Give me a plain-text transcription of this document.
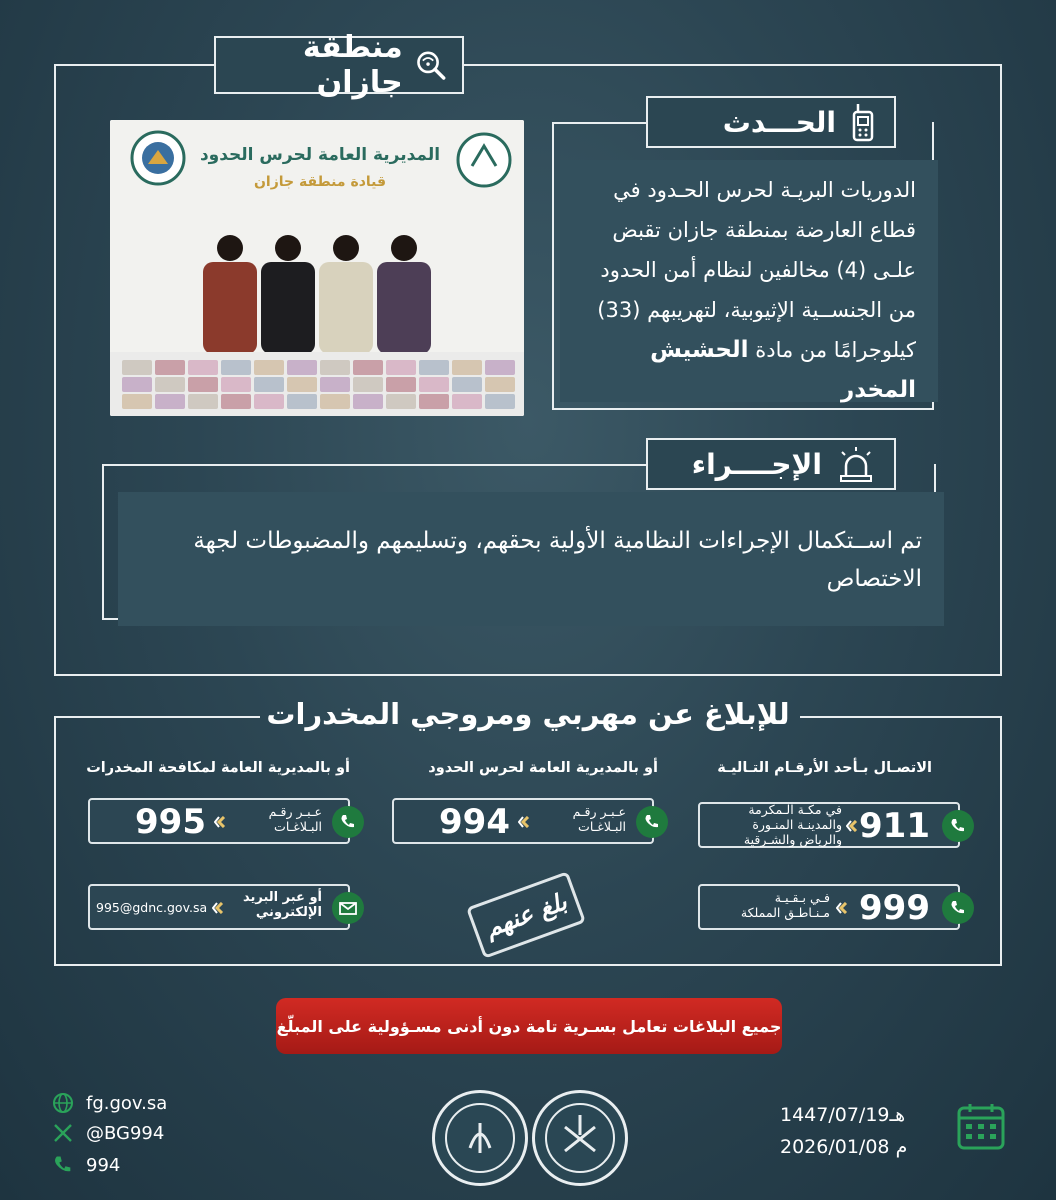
منطقة جازان
الحـــدث
الدوريات البريـة لحرس الحـدود في
قطاع العارضة بمنطقة جازان تقبض
علـى (4) مخالفين لنظام أمن الحدود
من الجنســية الإثيوبية، لتهريبهم (33)
كيلوجرامًا من مادة الحشيش المخدر
المديرية العامة لحرس الحدود
قيادة منطقة جازان
الإجــــراء
تم اســتكمال الإجراءات النظامية الأولية بحقهم، وتسليمهم والمضبوطات لجهة الاختصاص
للإبلاغ عن مهربي ومروجي المخدرات
الاتصـال بـأحد الأرقـام التـاليـة
أو بالمديرية العامة لحرس الحدود
أو بالمديرية العامة لمكافحة المخدرات
911
في مكـة الـمكرمة والمدينـة المنـورة والرياض والشـرقية
999
فـي بـقـيـة مـنـاطـق المملكة
عـبـر رقـم البـلاغـات
994
عـبـر رقـم البـلاغـات
995
أو عبر البريد الإلكتروني
995@gdnc.gov.sa	بلغ عنهم
جميع البلاغات تعامل بسـرية تامة دون أدنى مسـؤولية على المبلّغ
fg.gov.sa
@BG994
994
1447/07/19هـ
2026/01/08 م
